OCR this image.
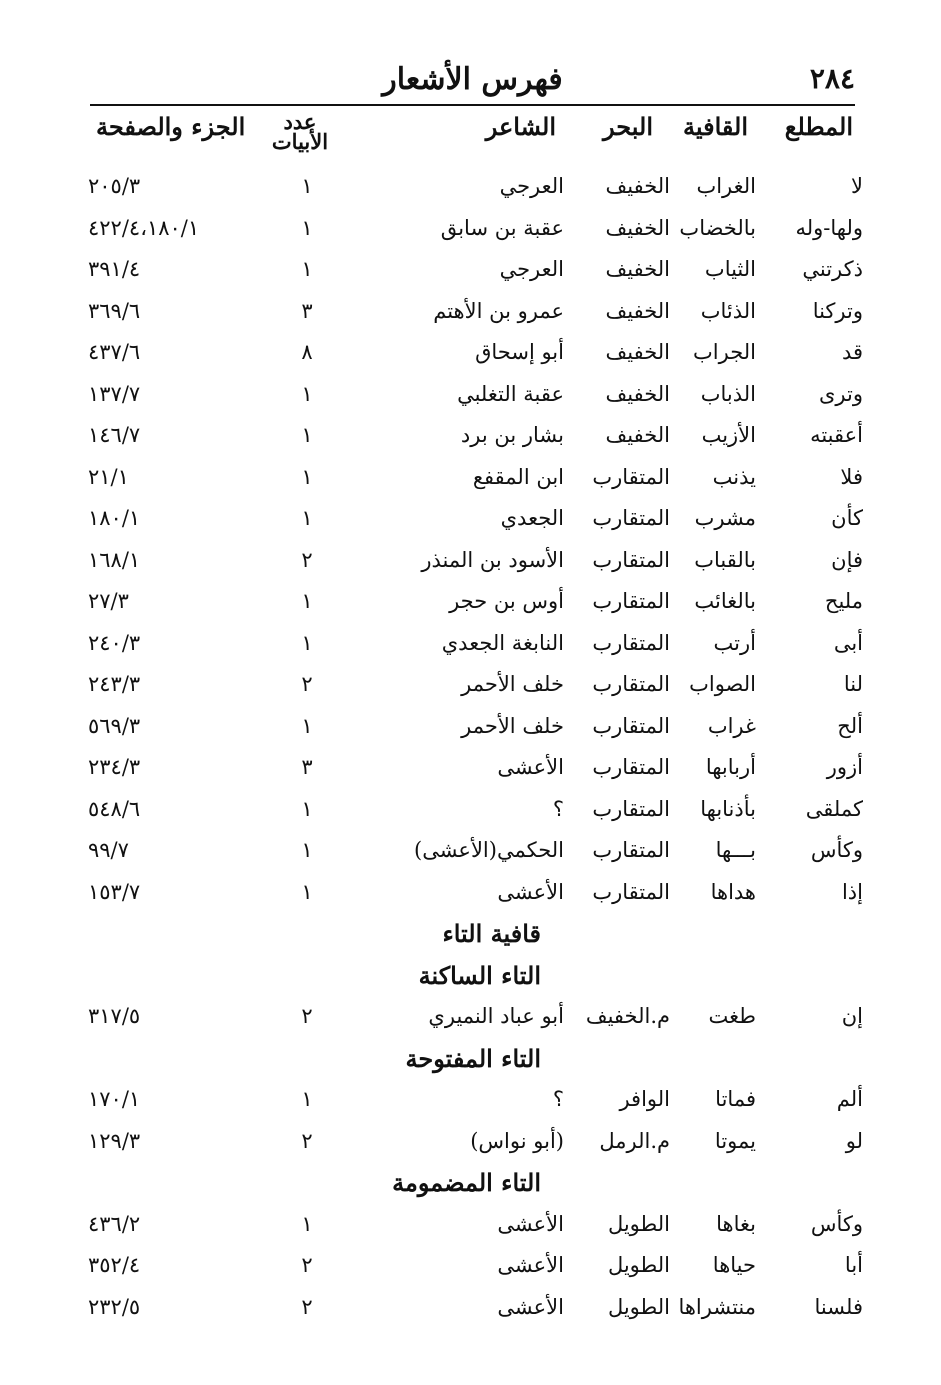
فهرس الأشعار	٢٨٤
المطلع
القافية
البحر
الشاعر
عدد الأبيات
الجزء والصفحة
لا
الغراب
الخفيف
العرجي
١
٢٠٥/٣
ولها-وله
بالخضاب
الخفيف
عقبة بن سابق
١
٤٢٢/٤،١٨٠/١
ذكرتني
الثياب
الخفيف
العرجي
١
٣٩١/٤
وتركنا
الذئاب
الخفيف
عمرو بن الأهتم
٣
٣٦٩/٦
قد
الجراب
الخفيف
أبو إسحاق
٨
٤٣٧/٦
وترى
الذباب
الخفيف
عقبة التغلبي
١
١٣٧/٧
أعقبته
الأزيب
الخفيف
بشار بن برد
١
١٤٦/٧
فلا
يذنب
المتقارب
ابن المقفع
١
٢١/١
كأن
مشرب
المتقارب
الجعدي
١
١٨٠/١
فإن
بالقباب
المتقارب
الأسود بن المنذر
٢
١٦٨/١
مليح
بالغائب
المتقارب
أوس بن حجر
١
٢٧/٣
أبى
أرتب
المتقارب
النابغة الجعدي
١
٢٤٠/٣
لنا
الصواب
المتقارب
خلف الأحمر
٢
٢٤٣/٣
ألح
غراب
المتقارب
خلف الأحمر
١
٥٦٩/٣
أزور
أربابها
المتقارب
الأعشى
٣
٢٣٤/٣
كملقى
بأذنابها
المتقارب
؟
١
٥٤٨/٦
وكأس
بـــها
المتقارب
الحكمي(الأعشى)
١
٩٩/٧
إذا
هداها
المتقارب
الأعشى
١
١٥٣/٧
قافية التاء
التاء الساكنة
إن
طغت
م.الخفيف
أبو عباد النميري
٢
٣١٧/٥
التاء المفتوحة
ألم
فماتا
الوافر
؟
١
١٧٠/١
لو
يموتا
م.الرمل
(أبو نواس)
٢
١٢٩/٣
التاء المضمومة
وكأس
بغاها
الطويل
الأعشى
١
٤٣٦/٢
أبا
حياها
الطويل
الأعشى
٢
٣٥٢/٤
فلسنا
منتشراها
الطويل
الأعشى
٢
٢٣٢/٥
